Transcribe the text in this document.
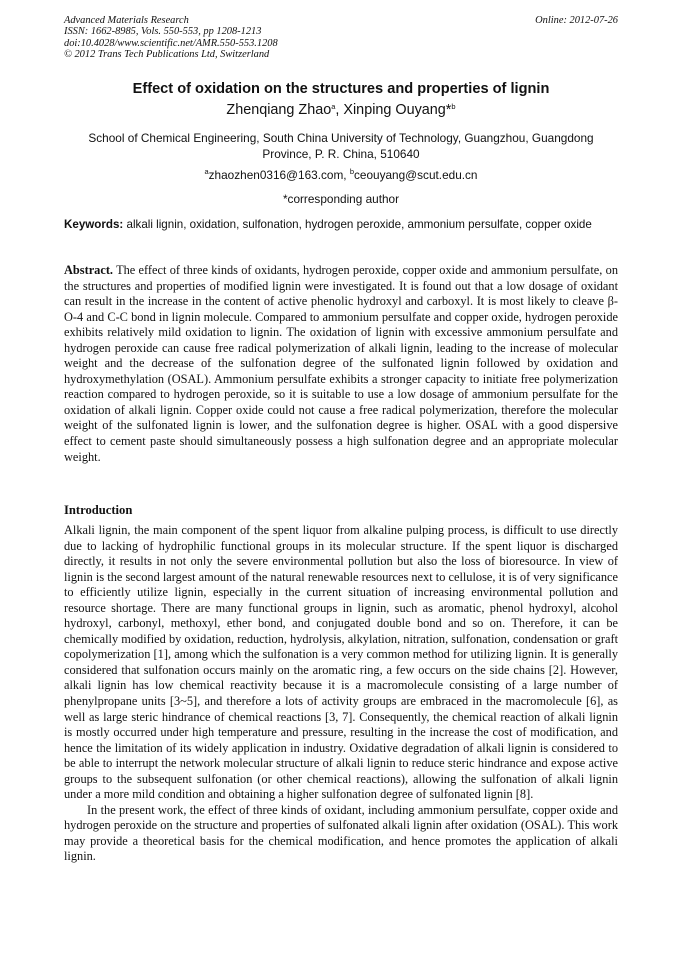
Advanced Materials Research
ISSN: 1662-8985, Vols. 550-553, pp 1208-1213
doi:10.4028/www.scientific.net/AMR.550-553.1208
© 2012 Trans Tech Publications Ltd, Switzerland
Online: 2012-07-26
Effect of oxidation on the structures and properties of lignin
Zhenqiang Zhao$^a$, Xinping Ouyang*$^b$
School of Chemical Engineering, South China University of Technology, Guangzhou, Guangdong Province, P. R. China, 510640
$^a$zhaozhen0316@163.com, $^b$ceouyang@scut.edu.cn
*corresponding author
Keywords: alkali lignin, oxidation, sulfonation, hydrogen peroxide, ammonium persulfate, copper oxide
Abstract. The effect of three kinds of oxidants, hydrogen peroxide, copper oxide and ammonium persulfate, on the structures and properties of modified lignin were investigated. It is found out that a low dosage of oxidant can result in the increase in the content of active phenolic hydroxyl and carboxyl. It is most likely to cleave β-O-4 and C-C bond in lignin molecule. Compared to ammonium persulfate and copper oxide, hydrogen peroxide exhibits relatively mild oxidation to lignin. The oxidation of lignin with excessive ammonium persulfate and hydrogen peroxide can cause free radical polymerization of alkali lignin, leading to the increase of molecular weight and the decrease of the sulfonation degree of the sulfonated lignin followed by oxidation and hydroxymethylation (OSAL). Ammonium persulfate exhibits a stronger capacity to initiate free polymerization reaction compared to hydrogen peroxide, so it is suitable to use a low dosage of ammonium persulfate for the oxidation of alkali lignin. Copper oxide could not cause a free radical polymerization, therefore the molecular weight of the sulfonated lignin is lower, and the sulfonation degree is higher. OSAL with a good dispersive effect to cement paste should simultaneously possess a high sulfonation degree and an appropriate molecular weight.
Introduction

Alkali lignin, the main component of the spent liquor from alkaline pulping process, is difficult to use directly due to lacking of hydrophilic functional groups in its molecular structure. If the spent liquor is discharged directly, it results in not only the severe environmental pollution but also the loss of bioresource. In view of lignin is the second largest amount of the natural renewable resources next to cellulose, it is of very significance to efficiently utilize lignin, especially in the current situation of increasing environmental pollution and resource shortage. There are many functional groups in lignin, such as aromatic, phenol hydroxyl, alcohol hydroxyl, carbonyl, methoxyl, ether bond, and conjugated double bond and so on. Therefore, it can be chemically modified by oxidation, reduction, hydrolysis, alkylation, nitration, sulfonation, condensation or graft copolymerization [1], among which the sulfonation is a very common method for utilizing lignin. It is generally considered that sulfonation occurs mainly on the aromatic ring, a few occurs on the side chains [2]. However, alkali lignin has low chemical reactivity because it is a macromolecule consisting of a large number of phenylpropane units [3~5], and therefore a lots of activity groups are embraced in the macromolecule [6], as well as large steric hindrance of chemical reactions [3, 7]. Consequently, the chemical reaction of alkali lignin is mostly occurred under high temperature and pressure, resulting in the increase the cost of modification, and hence the limitation of its widely application in industry. Oxidative degradation of alkali lignin is considered to be able to interrupt the network molecular structure of alkali lignin to reduce steric hindrance and expose active groups to the subsequent sulfonation (or other chemical reactions), allowing the sulfonation of alkali lignin under a more mild condition and obtaining a higher sulfonation degree of sulfonated lignin [8].

In the present work, the effect of three kinds of oxidant, including ammonium persulfate, copper oxide and hydrogen peroxide on the structure and properties of sulfonated alkali lignin after oxidation (OSAL). This work may provide a theoretical basis for the chemical modification, and hence promotes the application of alkali lignin.
